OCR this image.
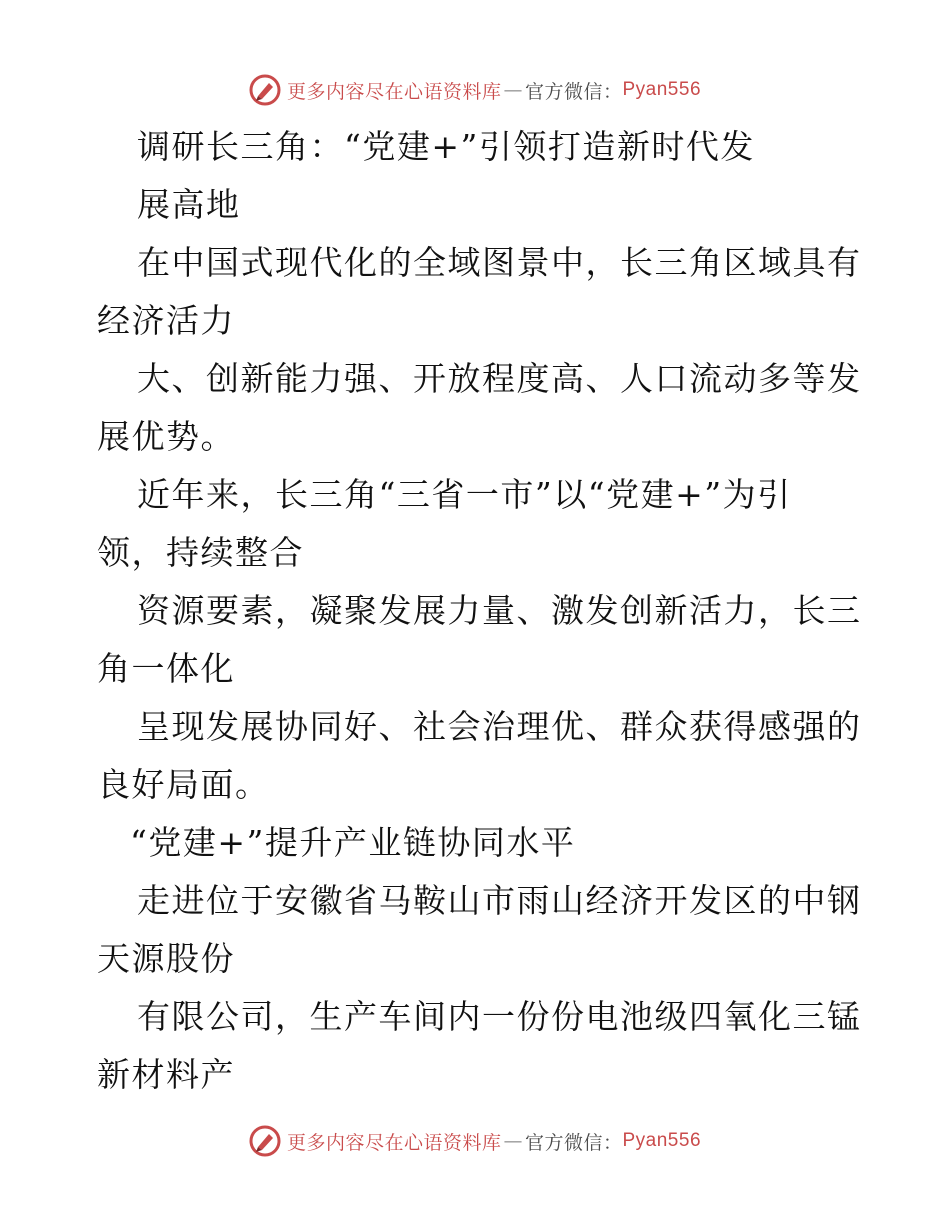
更多内容尽在心语资料库 — 官方微信： Pyan556
调研长三角：“党建+”引领打造新时代发
展高地
在中国式现代化的全域图景中，长三角区域具有
经济活力
大、创新能力强、开放程度高、人口流动多等发
展优势。
近年来，长三角“三省一市”以“党建+”为引
领，持续整合
资源要素，凝聚发展力量、激发创新活力，长三
角一体化
呈现发展协同好、社会治理优、群众获得感强的
良好局面。
“党建+”提升产业链协同水平
走进位于安徽省马鞍山市雨山经济开发区的中钢
天源股份
有限公司，生产车间内一份份电池级四氧化三锰
新材料产
更多内容尽在心语资料库 — 官方微信： Pyan556
